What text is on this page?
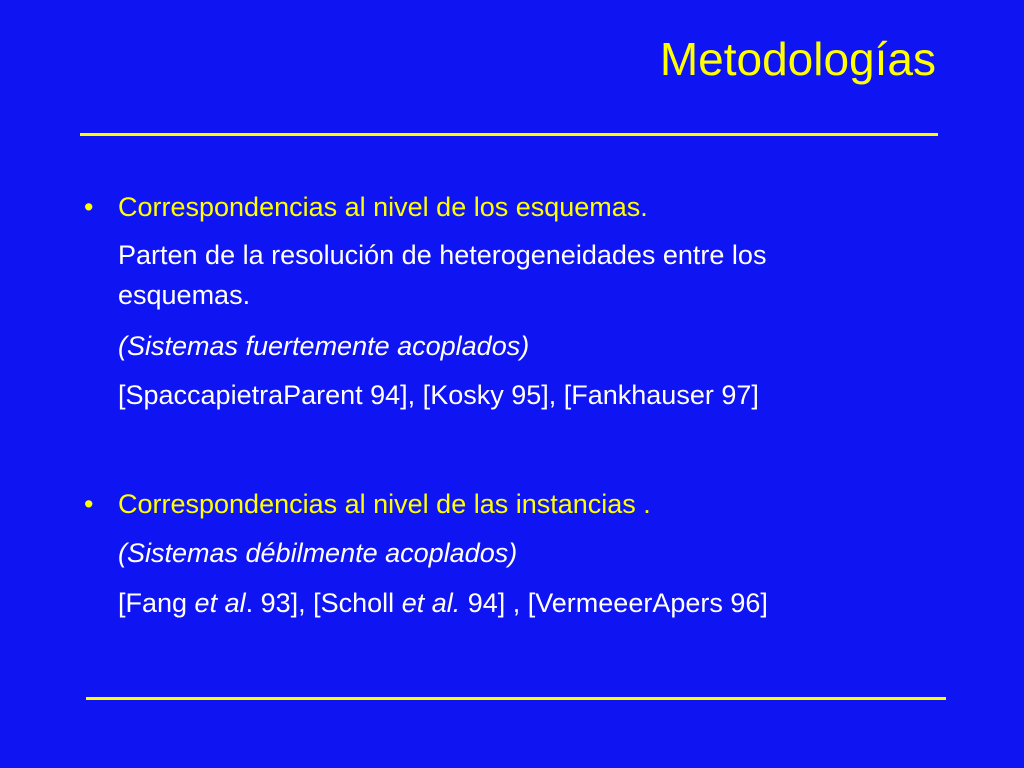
Metodologías
• Correspondencias al nivel de los esquemas.
Parten de la resolución de heterogeneidades entre los
esquemas.
(Sistemas fuertemente acoplados)
[SpaccapietraParent 94], [Kosky 95], [Fankhauser 97]
• Correspondencias al nivel de las instancias .
(Sistemas débilmente acoplados)
[Fang et al. 93], [Scholl et al. 94] , [VermeeerApers 96]
